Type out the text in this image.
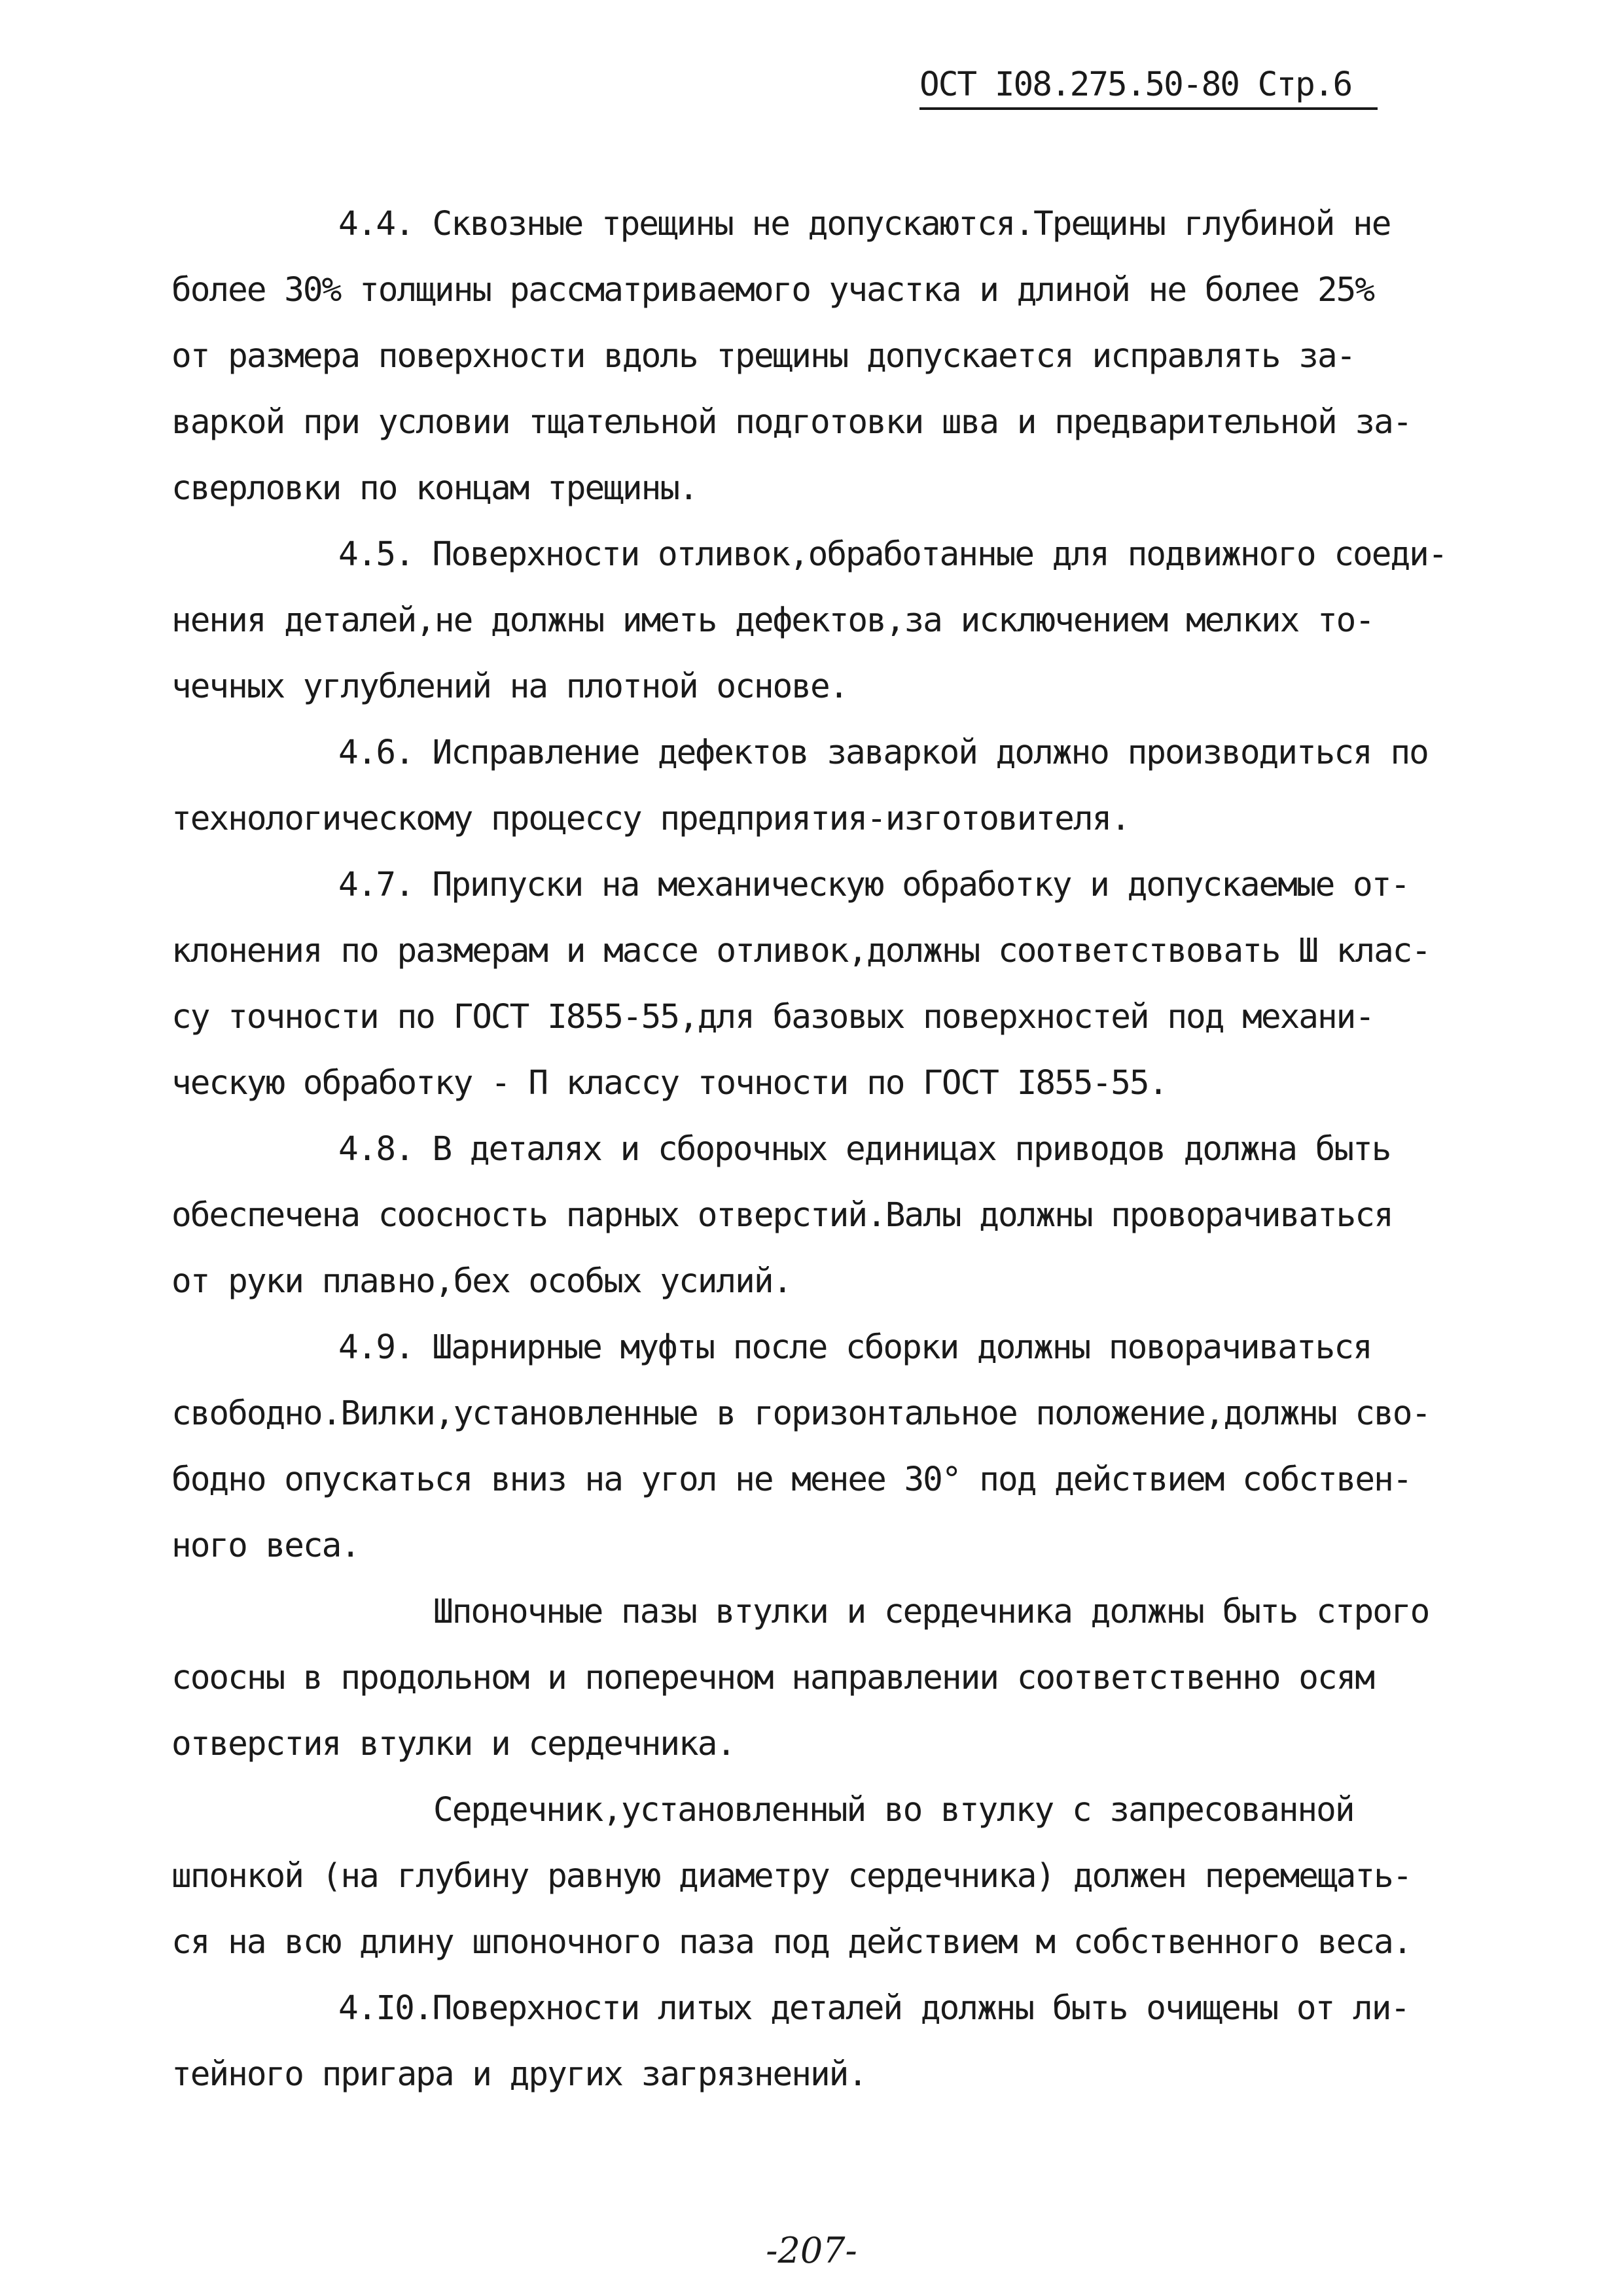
ОСТ I08.275.50-80 Стр.6

4.4. Сквозные трещины не допускаются.Трещины глубиной не
более 30% толщины рассматриваемого участка и длиной не более 25%
от размера поверхности вдоль трещины допускается исправлять за-
варкой при условии тщательной подготовки шва и предварительной за-
сверловки по концам трещины.

4.5. Поверхности отливок,обработанные для подвижного соеди-
нения деталей,не должны иметь дефектов,за исключением мелких то-
чечных углублений на плотной основе.

4.6. Исправление дефектов заваркой должно производиться по
технологическому процессу предприятия-изготовителя.

4.7. Припуски на механическую обработку и допускаемые от-
клонения по размерам и массе отливок,должны соответствовать Ш клас-
су точности по ГОСТ I855-55,для базовых поверхностей под механи-
ческую обработку - П классу точности по ГОСТ I855-55.

4.8. В деталях и сборочных единицах приводов должна быть
обеспечена соосность парных отверстий.Валы должны проворачиваться
от руки плавно,бех особых усилий.

4.9. Шарнирные муфты после сборки должны поворачиваться
свободно.Вилки,установленные в горизонтальное положение,должны сво-
бодно опускаться вниз на угол не менее 30° под действием собствен-
ного веса.

Шпоночные пазы втулки и сердечника должны быть строго
соосны в продольном и поперечном направлении соответственно осям
отверстия втулки и сердечника.

Сердечник,установленный во втулку с запресованной
шпонкой (на глубину равную диаметру сердечника) должен перемещать-
ся на всю длину шпоночного паза под действием м собственного веса.

4.I0.Поверхности литых деталей должны быть очищены от ли-
тейного пригара и других загрязнений.

-207-
